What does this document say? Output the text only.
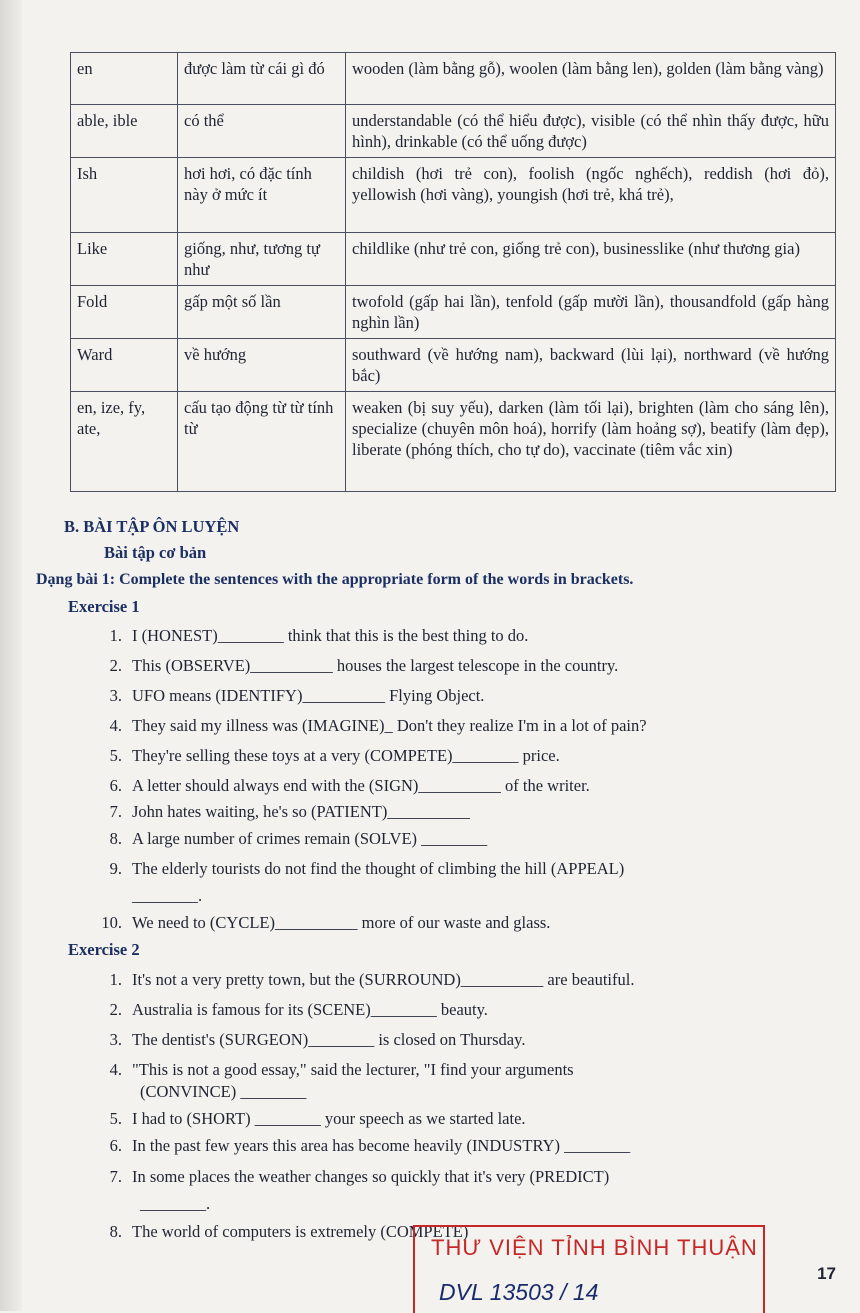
en	được làm từ cái gì đó	wooden (làm bằng gỗ), woolen (làm bằng len), golden (làm bằng vàng)
able, ible	có thể	understandable (có thể hiểu được), visible (có thể nhìn thấy được, hữu hình), drinkable (có thể uống được)
Ish	hơi hơi, có đặc tính này ở mức ít	childish (hơi trẻ con), foolish (ngốc nghếch), reddish (hơi đỏ), yellowish (hơi vàng), youngish (hơi trẻ, khá trẻ),
Like	giống, như, tương tự như	childlike (như trẻ con, giống trẻ con), businesslike (như thương gia)
Fold	gấp một số lần	twofold (gấp hai lần), tenfold (gấp mười lần), thousandfold (gấp hàng nghìn lần)
Ward	về hướng	southward (về hướng nam), backward (lùi lại), northward (về hướng bắc)
en, ize, fy, ate,	cấu tạo động từ từ tính từ	weaken (bị suy yếu), darken (làm tối lại), brighten (làm cho sáng lên), specialize (chuyên môn hoá), horrify (làm hoảng sợ), beatify (làm đẹp), liberate (phóng thích, cho tự do), vaccinate (tiêm vắc xin)
B. BÀI TẬP ÔN LUYỆN
Bài tập cơ bản
Dạng bài 1: Complete the sentences with the appropriate form of the words in brackets.
Exercise 1
1. I (HONEST)________ think that this is the best thing to do.
2. This (OBSERVE)__________ houses the largest telescope in the country.
3. UFO means (IDENTIFY)__________ Flying Object.
4. They said my illness was (IMAGINE)_ Don't they realize I'm in a lot of pain?
5. They're selling these toys at a very (COMPETE)________ price.
6. A letter should always end with the (SIGN)__________ of the writer.
7. John hates waiting, he's so (PATIENT)__________
8. A large number of crimes remain (SOLVE) ________
9. The elderly tourists do not find the thought of climbing the hill (APPEAL)
________.
10. We need to (CYCLE)__________ more of our waste and glass.
Exercise 2
1. It's not a very pretty town, but the (SURROUND)__________ are beautiful.
2. Australia is famous for its (SCENE)________ beauty.
3. The dentist's (SURGEON)________ is closed on Thursday.
4. "This is not a good essay," said the lecturer, "I find your arguments
(CONVINCE) ________
5. I had to (SHORT) ________ your speech as we started late.
6. In the past few years this area has become heavily (INDUSTRY) ________
7. In some places the weather changes so quickly that it's very (PREDICT)
________.
8. The world of computers is extremely (COMPETE)
THƯ VIỆN TỈNH BÌNH THUẬN
DVL 13503 / 14
17
